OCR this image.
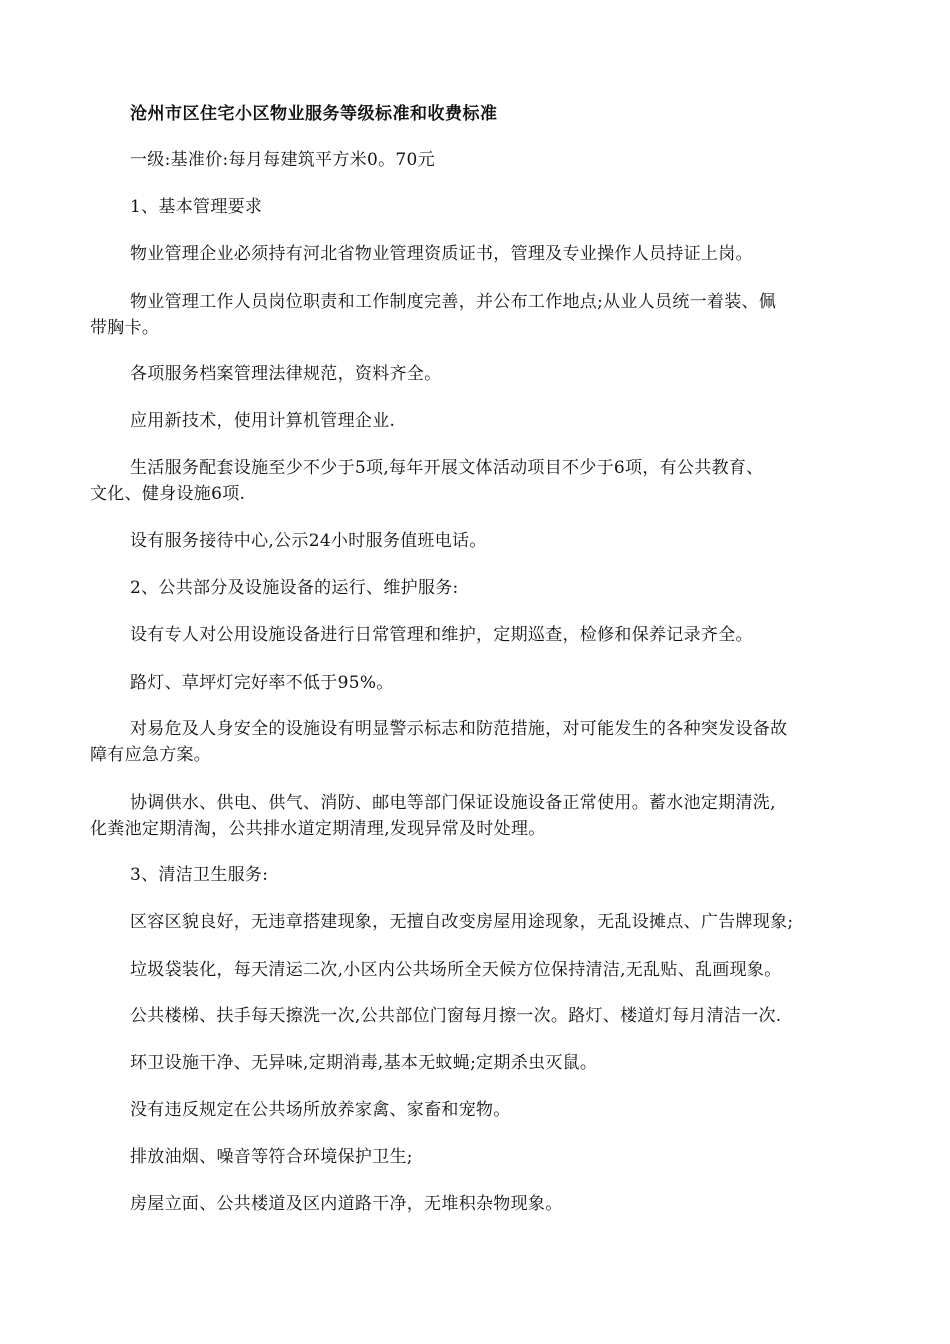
沧州市区住宅小区物业服务等级标准和收费标准
一级:基准价:每月每建筑平方米0。70元
1、基本管理要求
物业管理企业必须持有河北省物业管理资质证书，管理及专业操作人员持证上岗。
物业管理工作人员岗位职责和工作制度完善，并公布工作地点;从业人员统一着装、佩
带胸卡。
各项服务档案管理法律规范，资料齐全。
应用新技术，使用计算机管理企业.
生活服务配套设施至少不少于5项,每年开展文体活动项目不少于6项，有公共教育、
文化、健身设施6项.
设有服务接待中心,公示24小时服务值班电话。
2、公共部分及设施设备的运行、维护服务:
设有专人对公用设施设备进行日常管理和维护，定期巡查，检修和保养记录齐全。
路灯、草坪灯完好率不低于95%。
对易危及人身安全的设施设有明显警示标志和防范措施，对可能发生的各种突发设备故
障有应急方案。
协调供水、供电、供气、消防、邮电等部门保证设施设备正常使用。蓄水池定期清洗,
化粪池定期清淘，公共排水道定期清理,发现异常及时处理。
3、清洁卫生服务:
区容区貌良好，无违章搭建现象，无擅自改变房屋用途现象，无乱设摊点、广告牌现象;
垃圾袋装化，每天清运二次,小区内公共场所全天候方位保持清洁,无乱贴、乱画现象。
公共楼梯、扶手每天擦洗一次,公共部位门窗每月擦一次。路灯、楼道灯每月清洁一次.
环卫设施干净、无异味,定期消毒,基本无蚊蝇;定期杀虫灭鼠。
没有违反规定在公共场所放养家禽、家畜和宠物。
排放油烟、噪音等符合环境保护卫生;
房屋立面、公共楼道及区内道路干净，无堆积杂物现象。
